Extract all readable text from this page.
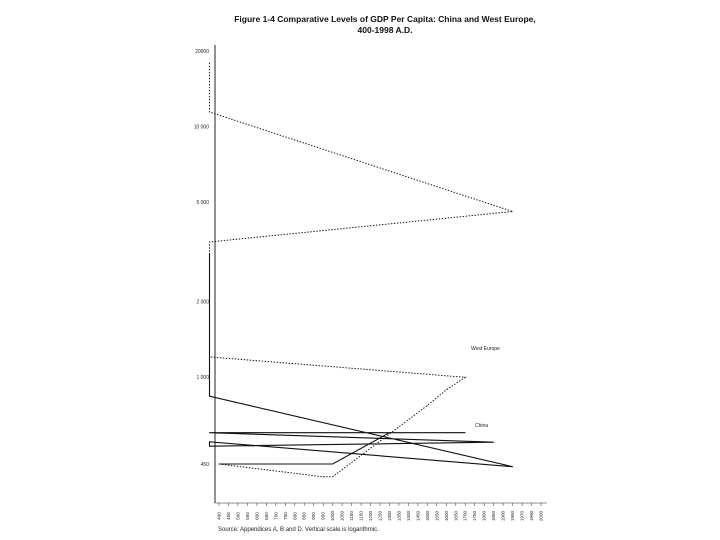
Figure 1-4 Comparative Levels of GDP Per Capita: China and West Europe,
400-1998 A.D.
450
1 000
2 000
5 000
10 000
20000
400 450 500 550 600 650 700 750 800 850 900 950 1000 1050 1100 1150 1200 1250 1300 1350 1400 1450 1500 1550 1600 1650 1700 1750 1800 1850 1900 1950 1970 1990 2000
West Europe
China
Source: Appendices A, B and D. Vertical scale is logarithmic.
